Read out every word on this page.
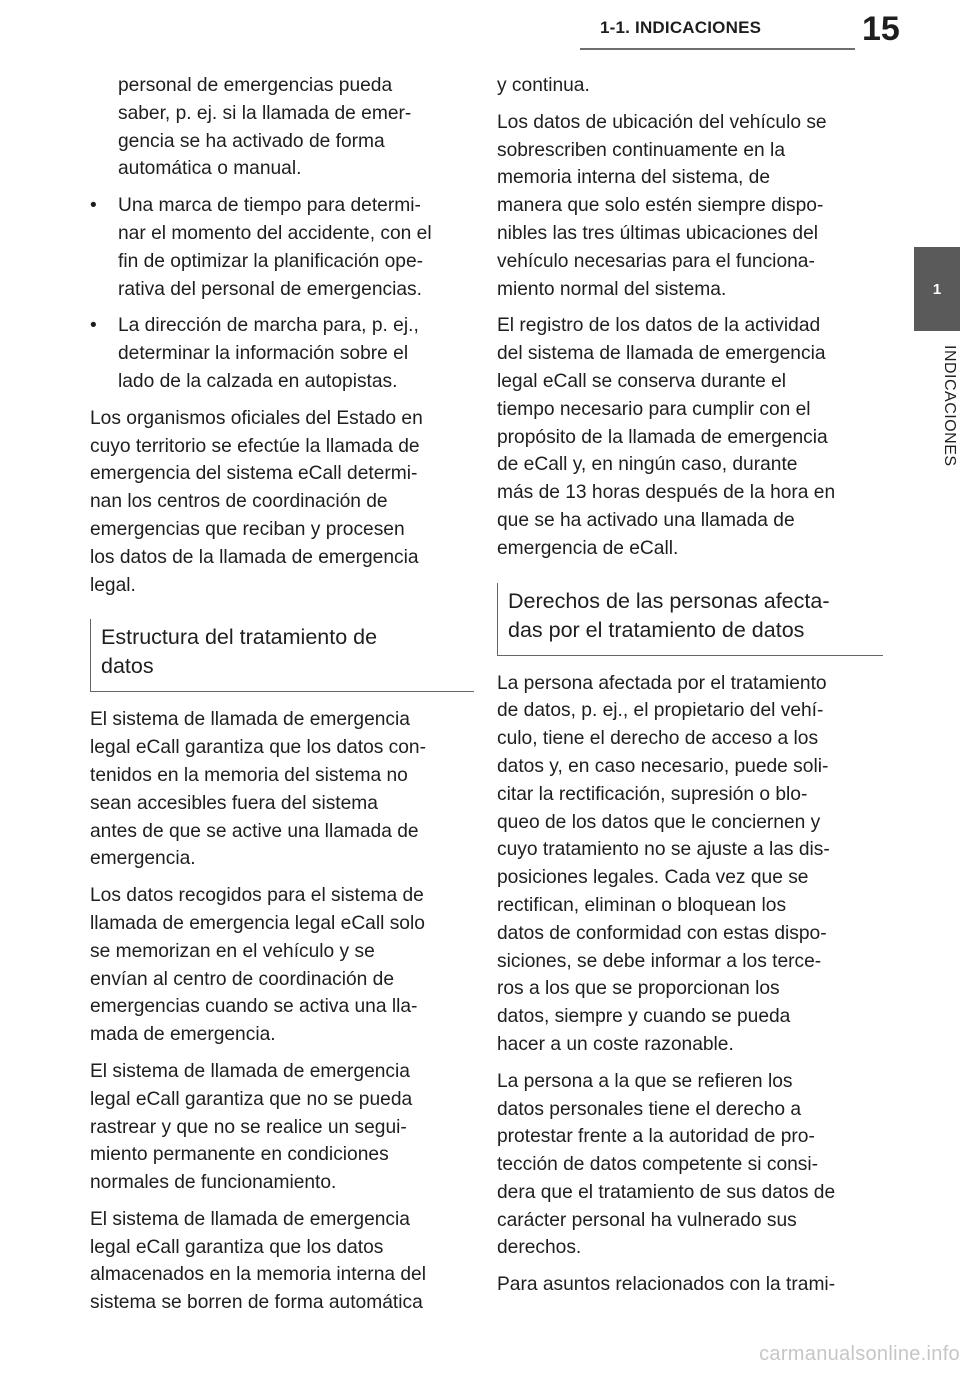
1-1. INDICACIONES	15
1
INDICACIONES

personal de emergencias pueda
saber, p. ej. si la llamada de emer-
gencia se ha activado de forma
automática o manual.

• Una marca de tiempo para determi-
nar el momento del accidente, con el
fin de optimizar la planificación ope-
rativa del personal de emergencias.

• La dirección de marcha para, p. ej.,
determinar la información sobre el
lado de la calzada en autopistas.

Los organismos oficiales del Estado en
cuyo territorio se efectúe la llamada de
emergencia del sistema eCall determi-
nan los centros de coordinación de
emergencias que reciban y procesen
los datos de la llamada de emergencia
legal.

Estructura del tratamiento de
datos

El sistema de llamada de emergencia
legal eCall garantiza que los datos con-
tenidos en la memoria del sistema no
sean accesibles fuera del sistema
antes de que se active una llamada de
emergencia.

Los datos recogidos para el sistema de
llamada de emergencia legal eCall solo
se memorizan en el vehículo y se
envían al centro de coordinación de
emergencias cuando se activa una lla-
mada de emergencia.

El sistema de llamada de emergencia
legal eCall garantiza que no se pueda
rastrear y que no se realice un segui-
miento permanente en condiciones
normales de funcionamiento.

El sistema de llamada de emergencia
legal eCall garantiza que los datos
almacenados en la memoria interna del
sistema se borren de forma automática

y continua.

Los datos de ubicación del vehículo se
sobrescriben continuamente en la
memoria interna del sistema, de
manera que solo estén siempre dispo-
nibles las tres últimas ubicaciones del
vehículo necesarias para el funciona-
miento normal del sistema.

El registro de los datos de la actividad
del sistema de llamada de emergencia
legal eCall se conserva durante el
tiempo necesario para cumplir con el
propósito de la llamada de emergencia
de eCall y, en ningún caso, durante
más de 13 horas después de la hora en
que se ha activado una llamada de
emergencia de eCall.

Derechos de las personas afecta-
das por el tratamiento de datos

La persona afectada por el tratamiento
de datos, p. ej., el propietario del vehí-
culo, tiene el derecho de acceso a los
datos y, en caso necesario, puede soli-
citar la rectificación, supresión o blo-
queo de los datos que le conciernen y
cuyo tratamiento no se ajuste a las dis-
posiciones legales. Cada vez que se
rectifican, eliminan o bloquean los
datos de conformidad con estas dispo-
siciones, se debe informar a los terce-
ros a los que se proporcionan los
datos, siempre y cuando se pueda
hacer a un coste razonable.

La persona a la que se refieren los
datos personales tiene el derecho a
protestar frente a la autoridad de pro-
tección de datos competente si consi-
dera que el tratamiento de sus datos de
carácter personal ha vulnerado sus
derechos.

Para asuntos relacionados con la trami-

carmanualsonline.info
